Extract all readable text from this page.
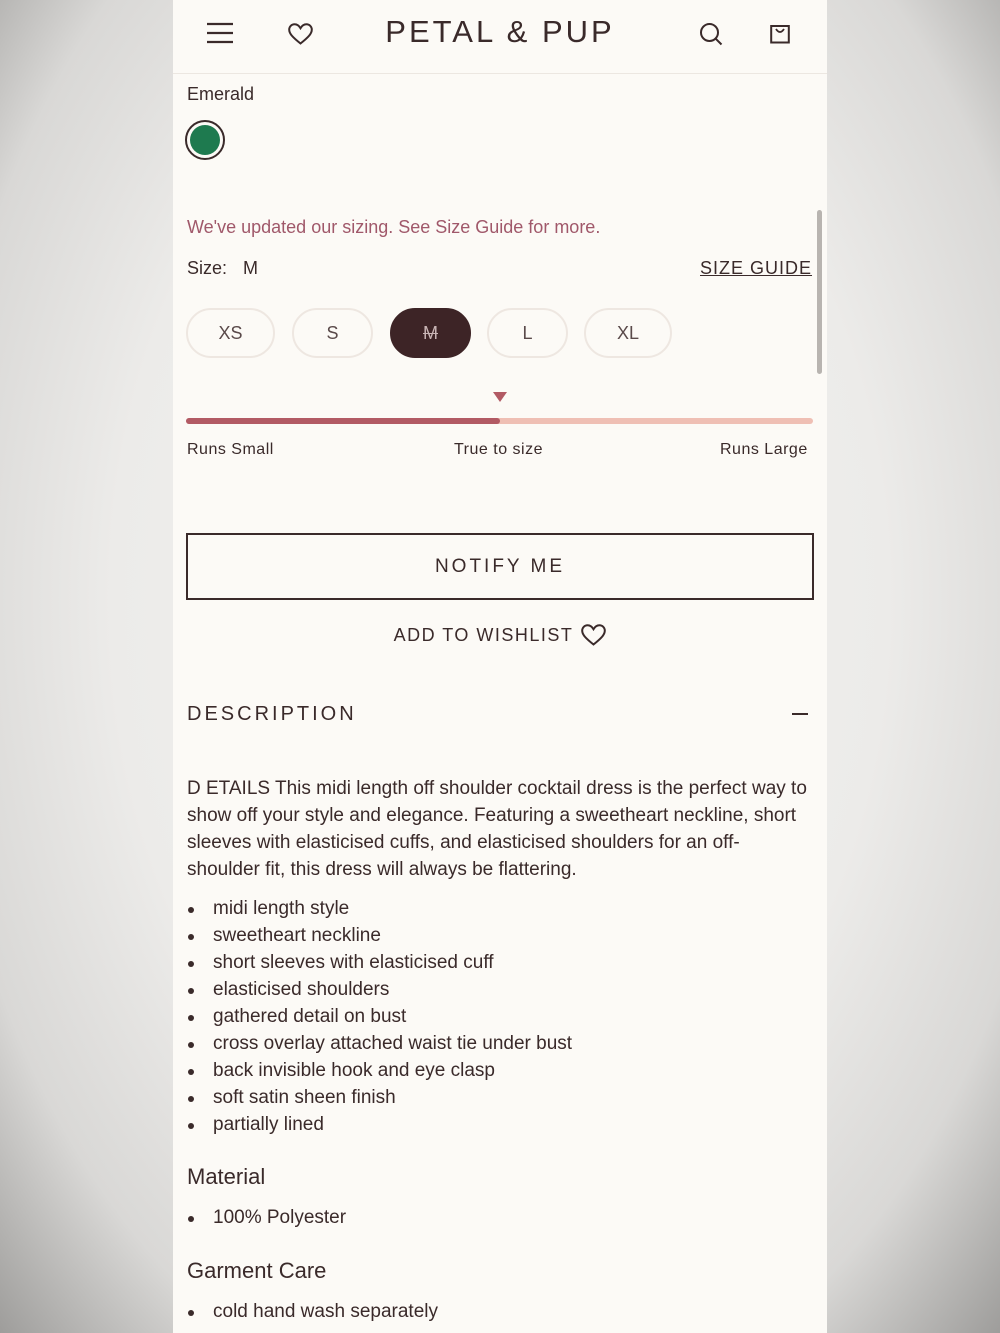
PETAL & PUP
Emerald
We've updated our sizing. See Size Guide for more.
Size: M	SIZE GUIDE
XS	S	M	L	XL
Runs Small	True to size	Runs Large
NOTIFY ME
ADD TO WISHLIST
DESCRIPTION
D ETAILS This midi length off shoulder cocktail dress is the perfect way to show off your style and elegance. Featuring a sweetheart neckline, short sleeves with elasticised cuffs, and elasticised shoulders for an off-shoulder fit, this dress will always be flattering.
midi length style
sweetheart neckline
short sleeves with elasticised cuff
elasticised shoulders
gathered detail on bust
cross overlay attached waist tie under bust
back invisible hook and eye clasp
soft satin sheen finish
partially lined
Material
100% Polyester
Garment Care
cold hand wash separately
